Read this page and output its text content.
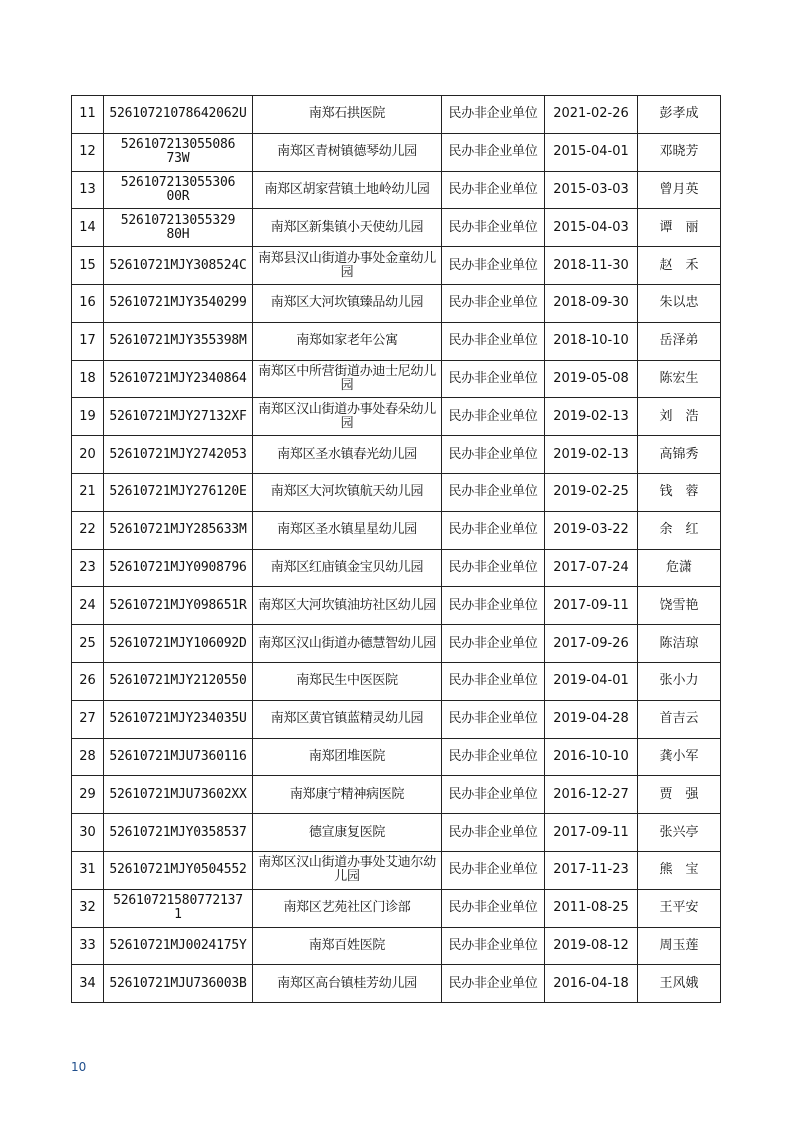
11	52610721078642062U	南郑石拱医院	民办非企业单位	2021-02-26	彭孝成
12	526107213055086 73W	南郑区青树镇德琴幼儿园	民办非企业单位	2015-04-01	邓晓芳
13	526107213055306 00R	南郑区胡家营镇土地岭幼儿园	民办非企业单位	2015-03-03	曾月英
14	526107213055329 80H	南郑区新集镇小天使幼儿园	民办非企业单位	2015-04-03	谭　丽
15	52610721MJY308524C	南郑县汉山街道办事处金童幼儿园	民办非企业单位	2018-11-30	赵　禾
16	52610721MJY3540299	南郑区大河坎镇臻品幼儿园	民办非企业单位	2018-09-30	朱以忠
17	52610721MJY355398M	南郑如家老年公寓	民办非企业单位	2018-10-10	岳泽弟
18	52610721MJY2340864	南郑区中所营街道办迪士尼幼儿园	民办非企业单位	2019-05-08	陈宏生
19	52610721MJY27132XF	南郑区汉山街道办事处春朵幼儿园	民办非企业单位	2019-02-13	刘　浩
20	52610721MJY2742053	南郑区圣水镇春光幼儿园	民办非企业单位	2019-02-13	高锦秀
21	52610721MJY276120E	南郑区大河坎镇航天幼儿园	民办非企业单位	2019-02-25	钱　蓉
22	52610721MJY285633M	南郑区圣水镇星星幼儿园	民办非企业单位	2019-03-22	余　红
23	52610721MJY0908796	南郑区红庙镇金宝贝幼儿园	民办非企业单位	2017-07-24	危潇
24	52610721MJY098651R	南郑区大河坎镇油坊社区幼儿园	民办非企业单位	2017-09-11	饶雪艳
25	52610721MJY106092D	南郑区汉山街道办德慧智幼儿园	民办非企业单位	2017-09-26	陈洁琼
26	52610721MJY2120550	南郑民生中医医院	民办非企业单位	2019-04-01	张小力
27	52610721MJY234035U	南郑区黄官镇蓝精灵幼儿园	民办非企业单位	2019-04-28	首吉云
28	52610721MJU7360116	南郑团堆医院	民办非企业单位	2016-10-10	龚小军
29	52610721MJU73602XX	南郑康宁精神病医院	民办非企业单位	2016-12-27	贾　强
30	52610721MJY0358537	德宣康复医院	民办非企业单位	2017-09-11	张兴亭
31	52610721MJY0504552	南郑区汉山街道办事处艾迪尔幼儿园	民办非企业单位	2017-11-23	熊　宝
32	52610721580772137 1	南郑区艺苑社区门诊部	民办非企业单位	2011-08-25	王平安
33	52610721MJ0024175Y	南郑百姓医院	民办非企业单位	2019-08-12	周玉莲
34	52610721MJU736003B	南郑区高台镇桂芳幼儿园	民办非企业单位	2016-04-18	王风娥
10
